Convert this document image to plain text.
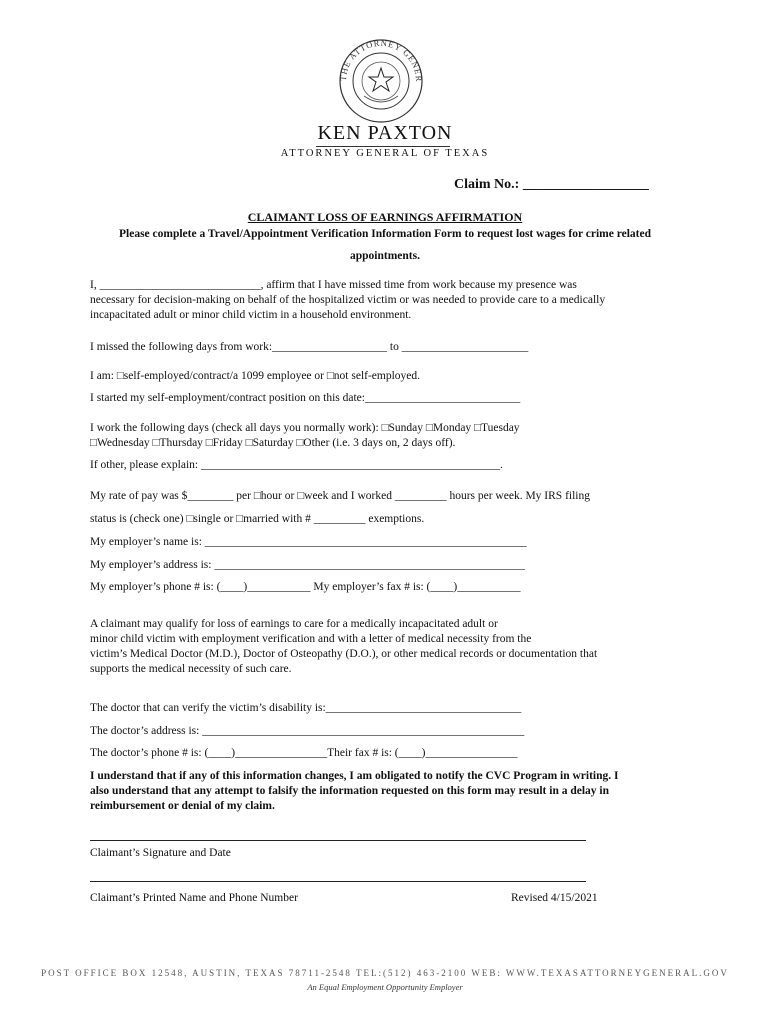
THE ATTORNEY GENER
KEN PAXTON
ATTORNEY GENERAL OF TEXAS
Claim No.: __________________
CLAIMANT LOSS OF EARNINGS AFFIRMATION
Please complete a Travel/Appointment Verification Information Form to request lost wages for crime related
appointments.
I, ____________________________, affirm that I have missed time from work because my presence was
necessary for decision-making on behalf of the hospitalized victim or was needed to provide care to a medically
incapacitated adult or minor child victim in a household environment.
I missed the following days from work:____________________ to ______________________
I am: □self-employed/contract/a 1099 employee or □not self-employed.
I started my self-employment/contract position on this date:___________________________
I work the following days (check all days you normally work): □Sunday □Monday □Tuesday
□Wednesday □Thursday □Friday □Saturday □Other (i.e. 3 days on, 2 days off).
If other, please explain: ____________________________________________________.
My rate of pay was $________ per □hour or □week and I worked _________ hours per week. My IRS filing
status is (check one) □single or □married with # _________ exemptions.
My employer’s name is: ________________________________________________________
My employer’s address is: ______________________________________________________
My employer’s phone # is: (____)___________ My employer’s fax # is: (____)___________
A claimant may qualify for loss of earnings to care for a medically incapacitated adult or
minor child victim with employment verification and with a letter of medical necessity from the
victim’s Medical Doctor (M.D.), Doctor of Osteopathy (D.O.), or other medical records or documentation that
supports the medical necessity of such care.
The doctor that can verify the victim’s disability is:__________________________________
The doctor’s address is: ________________________________________________________
The doctor’s phone # is: (____)________________Their fax # is: (____)________________
I understand that if any of this information changes, I am obligated to notify the CVC Program in writing. I
also understand that any attempt to falsify the information requested on this form may result in a delay in
reimbursement or denial of my claim.
Claimant’s Signature and Date
Claimant’s Printed Name and Phone Number	Revised 4/15/2021
POST OFFICE BOX 12548, AUSTIN, TEXAS 78711-2548 TEL:(512) 463-2100 WEB: WWW.TEXASATTORNEYGENERAL.GOV
An Equal Employment Opportunity Employer
